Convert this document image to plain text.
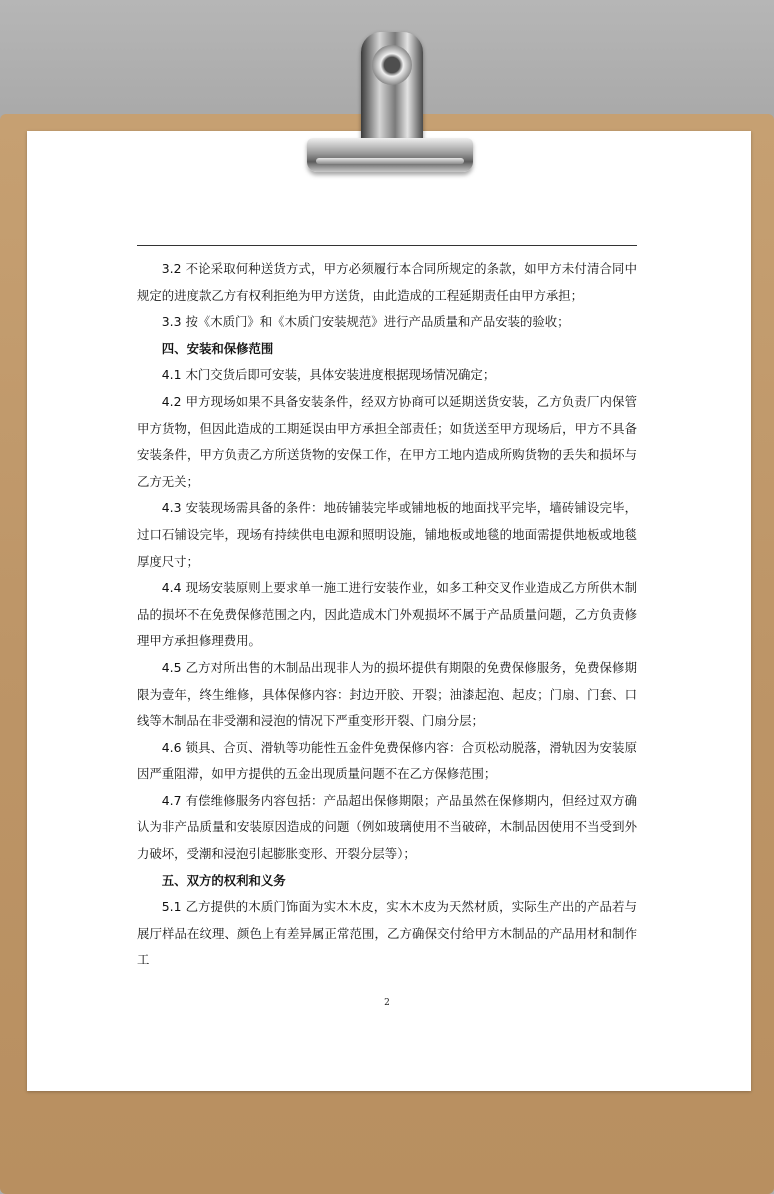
3.2 不论采取何种送货方式，甲方必须履行本合同所规定的条款，如甲方未付清合同中规定的进度款乙方有权利拒绝为甲方送货，由此造成的工程延期责任由甲方承担；

3.3 按《木质门》和《木质门安装规范》进行产品质量和产品安装的验收；

四、安装和保修范围

4.1 木门交货后即可安装，具体安装进度根据现场情况确定；

4.2 甲方现场如果不具备安装条件，经双方协商可以延期送货安装，乙方负责厂内保管甲方货物，但因此造成的工期延误由甲方承担全部责任；如货送至甲方现场后，甲方不具备安装条件，甲方负责乙方所送货物的安保工作，在甲方工地内造成所购货物的丢失和损坏与乙方无关；

4.3 安装现场需具备的条件：地砖铺装完毕或铺地板的地面找平完毕，墙砖铺设完毕，过口石铺设完毕，现场有持续供电电源和照明设施，铺地板或地毯的地面需提供地板或地毯厚度尺寸；

4.4 现场安装原则上要求单一施工进行安装作业，如多工种交叉作业造成乙方所供木制品的损坏不在免费保修范围之内，因此造成木门外观损坏不属于产品质量问题，乙方负责修理甲方承担修理费用。

4.5 乙方对所出售的木制品出现非人为的损坏提供有期限的免费保修服务，免费保修期限为壹年，终生维修，具体保修内容：封边开胶、开裂；油漆起泡、起皮；门扇、门套、口线等木制品在非受潮和浸泡的情况下严重变形开裂、门扇分层；

4.6 锁具、合页、滑轨等功能性五金件免费保修内容：合页松动脱落，滑轨因为安装原因严重阻滞，如甲方提供的五金出现质量问题不在乙方保修范围；

4.7 有偿维修服务内容包括：产品超出保修期限；产品虽然在保修期内，但经过双方确认为非产品质量和安装原因造成的问题（例如玻璃使用不当破碎，木制品因使用不当受到外力破坏，受潮和浸泡引起膨胀变形、开裂分层等）；

五、双方的权利和义务

5.1 乙方提供的木质门饰面为实木木皮，实木木皮为天然材质，实际生产出的产品若与展厅样品在纹理、颜色上有差异属正常范围，乙方确保交付给甲方木制品的产品用材和制作工

2
